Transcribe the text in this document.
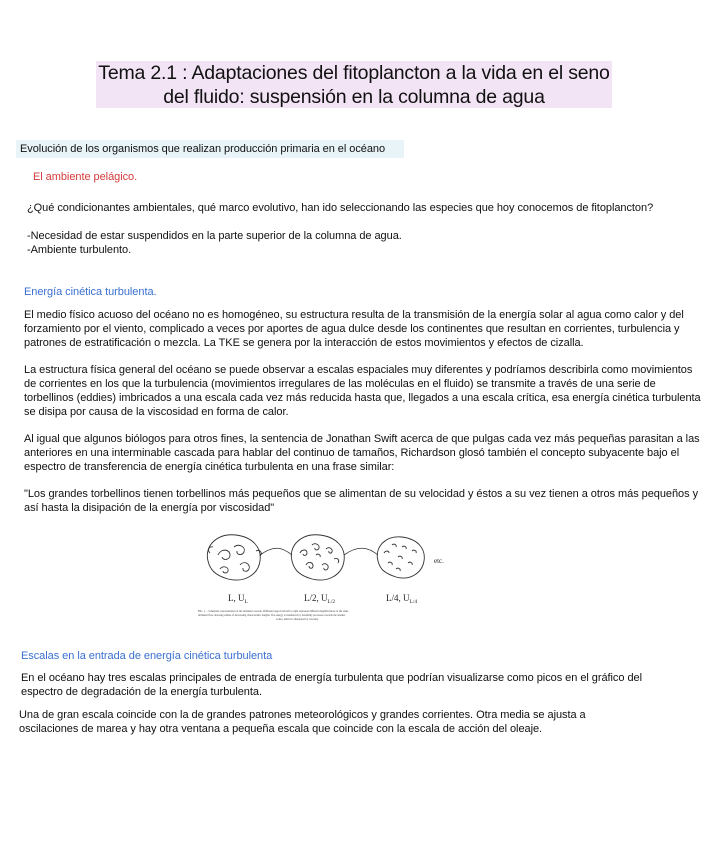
Tema 2.1 : Adaptaciones del fitoplancton a la vida en el seno
del fluido: suspensión en la columna de agua
Evolución de los organismos que realizan producción primaria en el océano
El ambiente pelágico.
¿Qué condicionantes ambientales, qué marco evolutivo, han ido seleccionando las especies que hoy conocemos de fitoplancton?
-Necesidad de estar suspendidos en la parte superior de la columna de agua.
-Ambiente turbulento.
Energía cinética turbulenta.
El medio físico acuoso del océano no es homogéneo, su estructura resulta de la transmisión de la energía solar al agua como calor y del
forzamiento por el viento, complicado a veces por aportes de agua dulce desde los continentes que resultan en corrientes, turbulencia y
patrones de estratificación o mezcla. La TKE se genera por la interacción de estos movimientos y efectos de cizalla.
La estructura física general del océano se puede observar a escalas espaciales muy diferentes y podríamos describirla como movimientos
de corrientes en los que la turbulencia (movimientos irregulares de las moléculas en el fluido) se transmite a través de una serie de
torbellinos (eddies) imbricados a una escala cada vez más reducida hasta que, llegados a una escala crítica, esa energía cinética turbulenta
se disipa por causa de la viscosidad en forma de calor.
Al igual que algunos biólogos para otros fines, la sentencia de Jonathan Swift acerca de que pulgas cada vez más pequeñas parasitan a las
anteriores en una interminable cascada para hablar del continuo de tamaños, Richardson glosó también el concepto subyacente bajo el
espectro de transferencia de energía cinética turbulenta en una frase similar:
"Los grandes torbellinos tienen torbellinos más pequeños que se alimentan de su velocidad y éstos a su vez tienen a otros más pequeños y
así hasta la disipación de la energía por viscosidad"
etc.
L, $U_L$	L/2, $U_{L/2}$	L/4, $U_{L/4}$
FIG. 1. – Schematic representation of the turbulent cascade. Different pages from left to right represent different magnifications of the same
turbulent flow, showing eddies of decreasing characteristic lengths. The energy is transferred by instability processes towards the smaller
scales, until it is dissipated by viscosity.
Escalas en la entrada de energía cinética turbulenta
En el océano hay tres escalas principales de entrada de energía turbulenta que podrían visualizarse como picos en el gráfico del
espectro de degradación de la energía turbulenta.
Una de gran escala coincide con la de grandes patrones meteorológicos y grandes corrientes. Otra media se ajusta a
oscilaciones de marea y hay otra ventana a pequeña escala que coincide con la escala de acción del oleaje.
